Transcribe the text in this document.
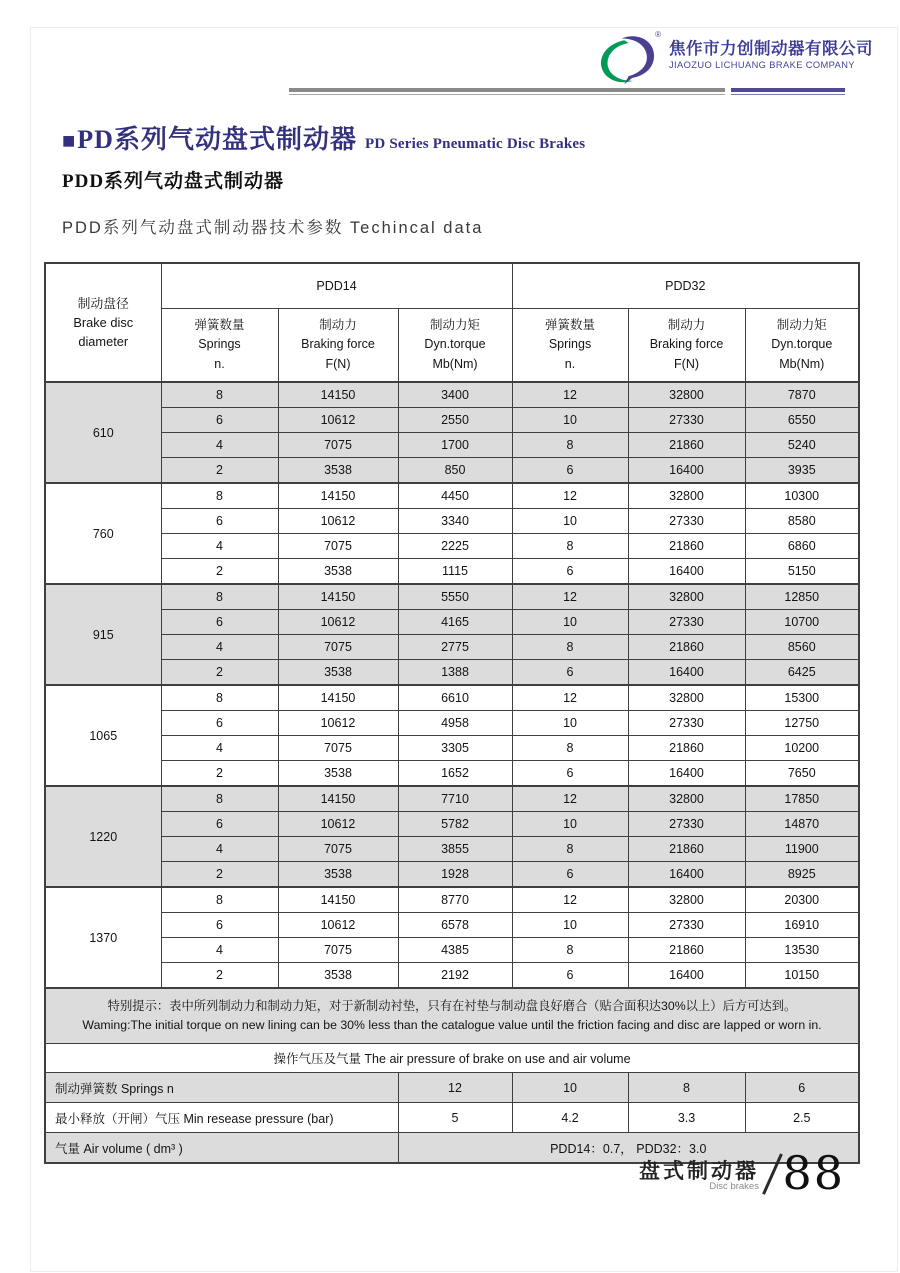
®
焦作市力创制动器有限公司
JIAOZUO LICHUANG BRAKE COMPANY
■ PD系列气动盘式制动器 PD Series Pneumatic Disc Brakes
PDD系列气动盘式制动器
PDD系列气动盘式制动器技术参数 Techincal data
制动盘径
Brake disc
diameter	PDD14			PDD32		

弹簧数量
Springs
n.

制动力
Braking force
F(N)

制动力矩
Dyn.torque
Mb(Nm)

弹簧数量
Springs
n.

制动力
Braking force
F(N)

制动力矩
Dyn.torque
Mb(Nm)

610	8	14150	3400	12	32800	7870
	6	10612	2550	10	27330	6550
	4	7075	1700	8	21860	5240
	2	3538	850	6	16400	3935
760	8	14150	4450	12	32800	10300
	6	10612	3340	10	27330	8580
	4	7075	2225	8	21860	6860
	2	3538	1115	6	16400	5150
915	8	14150	5550	12	32800	12850
	6	10612	4165	10	27330	10700
	4	7075	2775	8	21860	8560
	2	3538	1388	6	16400	6425
1065	8	14150	6610	12	32800	15300
	6	10612	4958	10	27330	12750
	4	7075	3305	8	21860	10200
	2	3538	1652	6	16400	7650
1220	8	14150	7710	12	32800	17850
	6	10612	5782	10	27330	14870
	4	7075	3855	8	21860	11900
	2	3538	1928	6	16400	8925
1370	8	14150	8770	12	32800	20300
	6	10612	6578	10	27330	16910
	4	7075	4385	8	21860	13530
	2	3538	2192	6	16400	10150

特别提示：表中所列制动力和制动力矩，对于新制动衬垫，只有在衬垫与制动盘良好磨合（贴合面积达30%以上）后方可达到。
Waming:The initial torque on new lining can be 30% less than the catalogue value until the friction facing and disc are lapped or worn in.						

操作气压及气量 The air pressure of brake on use and air volume						
制动弹簧数 Springs n			12	10	8	6
最小释放（开闸）气压 Min resease pressure (bar)			5	4.2	3.3	2.5
气量 Air volume ( dm³ )			PDD14：0.7， PDD32：3.0			
盘式制动器
Disc brakes 88
